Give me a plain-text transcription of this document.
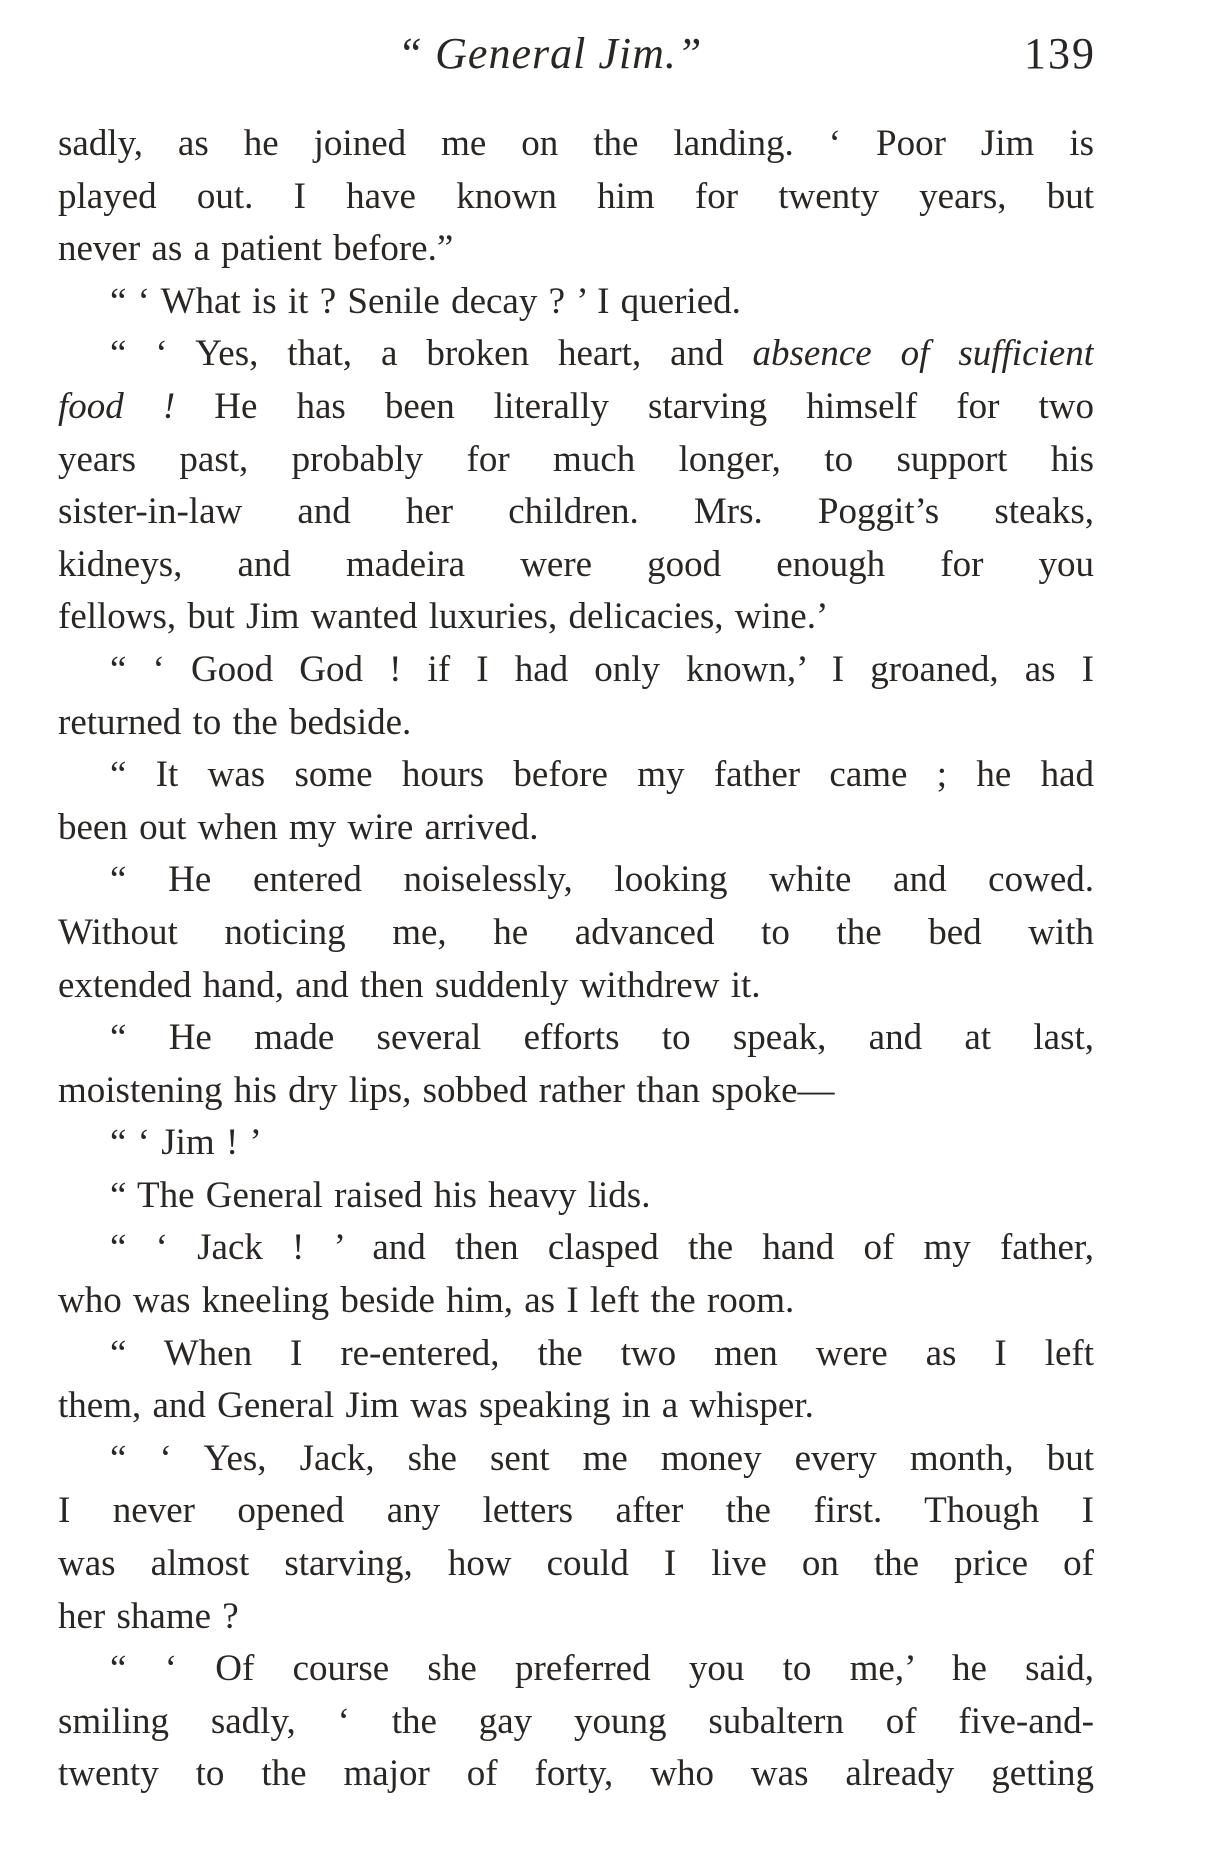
“ General Jim.”	139
sadly, as he joined me on the landing. ‘ Poor Jim is
played out. I have known him for twenty years, but
never as a patient before.”
“ ‘ What is it ? Senile decay ? ’ I queried.
“ ‘ Yes, that, a broken heart, and absence of sufficient
food ! He has been literally starving himself for two
years past, probably for much longer, to support his
sister-in-law and her children. Mrs. Poggit’s steaks,
kidneys, and madeira were good enough for you
fellows, but Jim wanted luxuries, delicacies, wine.’
“ ‘ Good God ! if I had only known,’ I groaned, as I
returned to the bedside.
“ It was some hours before my father came ; he had
been out when my wire arrived.
“ He entered noiselessly, looking white and cowed.
Without noticing me, he advanced to the bed with
extended hand, and then suddenly withdrew it.
“ He made several efforts to speak, and at last,
moistening his dry lips, sobbed rather than spoke—
“ ‘ Jim ! ’
“ The General raised his heavy lids.
“ ‘ Jack ! ’ and then clasped the hand of my father,
who was kneeling beside him, as I left the room.
“ When I re-entered, the two men were as I left
them, and General Jim was speaking in a whisper.
“ ‘ Yes, Jack, she sent me money every month, but
I never opened any letters after the first. Though I
was almost starving, how could I live on the price of
her shame ?
“ ‘ Of course she preferred you to me,’ he said,
smiling sadly, ‘ the gay young subaltern of five-and-
twenty to the major of forty, who was already getting
